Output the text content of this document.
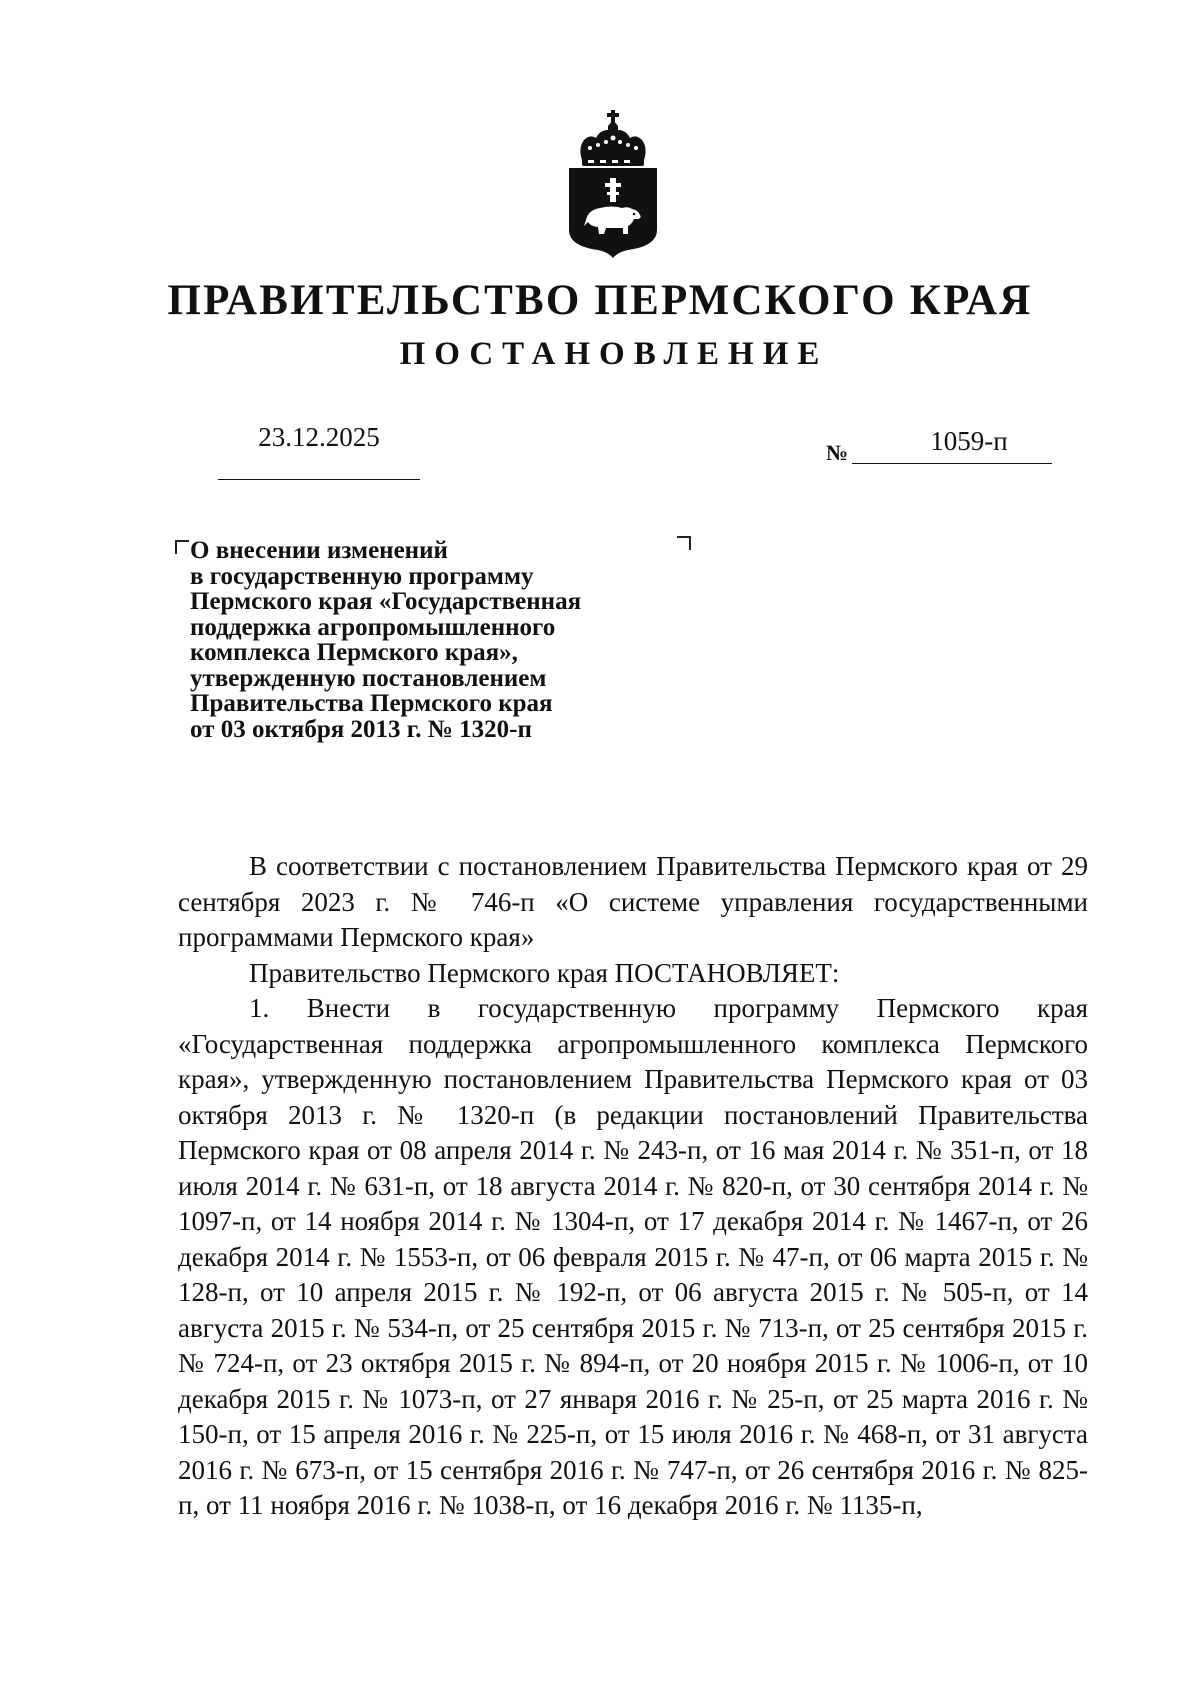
ПРАВИТЕЛЬСТВО ПЕРМСКОГО КРАЯ
ПОСТАНОВЛЕНИЕ
23.12.2025
№	1059-п
О внесении изменений
в государственную программу
Пермского края «Государственная
поддержка агропромышленного
комплекса Пермского края»,
утвержденную постановлением
Правительства Пермского края
от 03 октября 2013 г. № 1320-п

В соответствии с постановлением Правительства Пермского края от 29 сентября 2023 г. № 746-п «О системе управления государственными программами Пермского края»

Правительство Пермского края ПОСТАНОВЛЯЕТ:

1. Внести в государственную программу Пермского края «Государственная поддержка агропромышленного комплекса Пермского края», утвержденную постановлением Правительства Пермского края от 03 октября 2013 г. № 1320-п (в редакции постановлений Правительства Пермского края от 08 апреля 2014 г. № 243-п, от 16 мая 2014 г. № 351-п, от 18 июля 2014 г. № 631-п, от 18 августа 2014 г. № 820-п, от 30 сентября 2014 г. № 1097-п, от 14 ноября 2014 г. № 1304-п, от 17 декабря 2014 г. № 1467-п, от 26 декабря 2014 г. № 1553-п, от 06 февраля 2015 г. № 47-п, от 06 марта 2015 г. № 128-п, от 10 апреля 2015 г. № 192-п, от 06 августа 2015 г. № 505-п, от 14 августа 2015 г. № 534-п, от 25 сентября 2015 г. № 713-п, от 25 сентября 2015 г. № 724-п, от 23 октября 2015 г. № 894-п, от 20 ноября 2015 г. № 1006-п, от 10 декабря 2015 г. № 1073-п, от 27 января 2016 г. № 25-п, от 25 марта 2016 г. № 150-п, от 15 апреля 2016 г. № 225-п, от 15 июля 2016 г. № 468-п, от 31 августа 2016 г. № 673-п, от 15 сентября 2016 г. № 747-п, от 26 сентября 2016 г. № 825-п, от 11 ноября 2016 г. № 1038-п, от 16 декабря 2016 г. № 1135-п,
